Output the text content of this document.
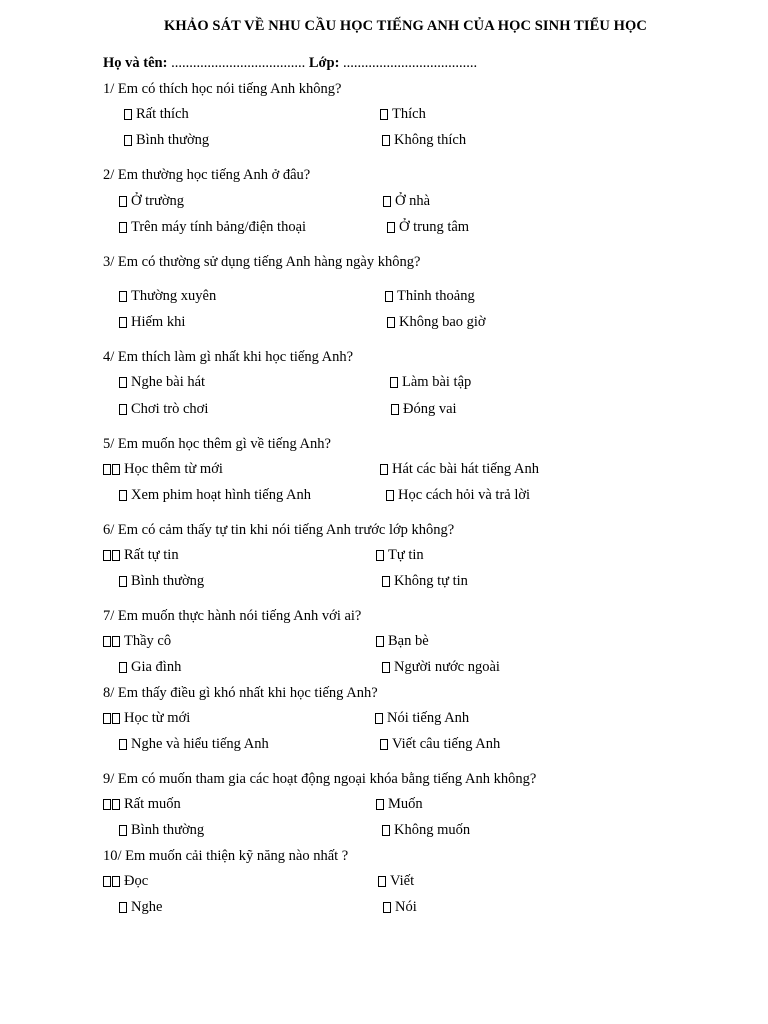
KHẢO SÁT VỀ NHU CẦU HỌC TIẾNG ANH CỦA HỌC SINH TIỂU HỌC
Họ và tên: ..................................... Lớp: .....................................
1/ Em có thích học nói tiếng Anh không?
Rất thích	Thích
Bình thường	Không thích
2/ Em thường học tiếng Anh ở đâu?
Ở trường	Ở nhà
Trên máy tính bảng/điện thoại	Ở trung tâm
3/ Em có thường sử dụng tiếng Anh hàng ngày không?
Thường xuyên	Thỉnh thoảng
Hiếm khi	Không bao giờ
4/ Em thích làm gì nhất khi học tiếng Anh?
Nghe bài hát	Làm bài tập
Chơi trò chơi	Đóng vai
5/ Em muốn học thêm gì về tiếng Anh?
Học thêm từ mới	Hát các bài hát tiếng Anh
Xem phim hoạt hình tiếng Anh	Học cách hỏi và trả lời
6/ Em có cảm thấy tự tin khi nói tiếng Anh trước lớp không?
Rất tự tin	Tự tin
Bình thường	Không tự tin
7/ Em muốn thực hành nói tiếng Anh với ai?
Thầy cô	Bạn bè
Gia đình	Người nước ngoài
8/ Em thấy điều gì khó nhất khi học tiếng Anh?
Học từ mới	Nói tiếng Anh
Nghe và hiểu tiếng Anh	Viết câu tiếng Anh
9/ Em có muốn tham gia các hoạt động ngoại khóa bằng tiếng Anh không?
Rất muốn	Muốn
Bình thường	Không muốn
10/ Em muốn cải thiện kỹ năng nào nhất ?
Đọc	Viết
Nghe	Nói
